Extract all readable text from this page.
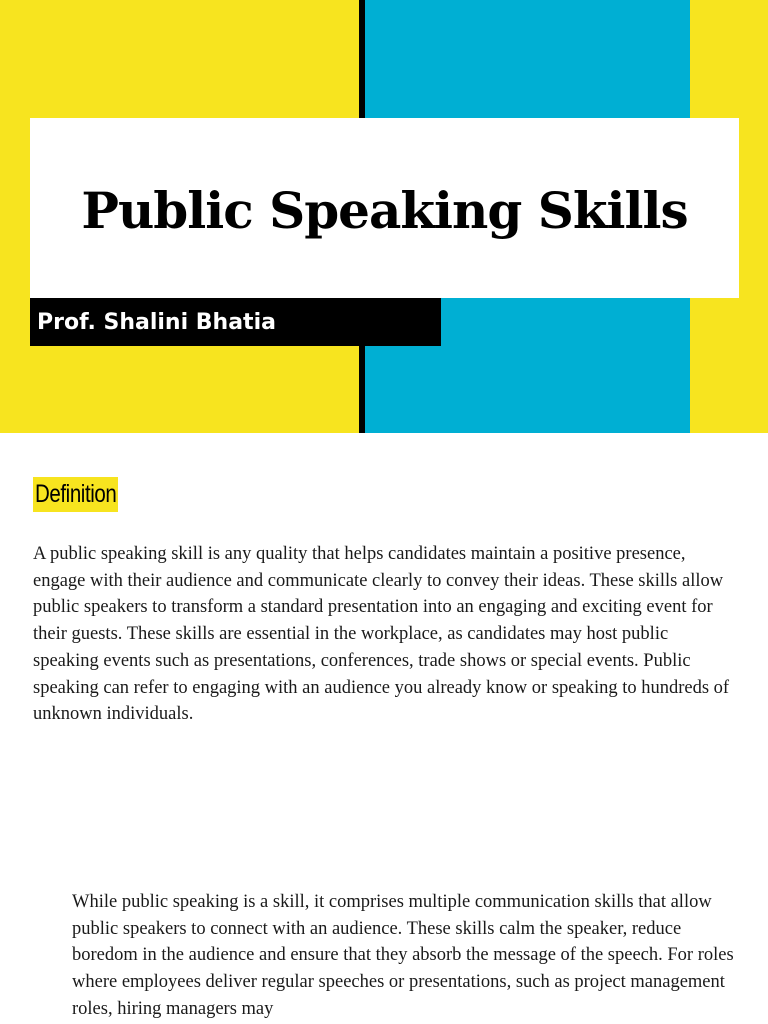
Public Speaking Skills
Prof. Shalini Bhatia
Definition

A public speaking skill is any quality that helps candidates maintain a positive presence, engage with their audience and communicate clearly to convey their ideas. These skills allow public speakers to transform a standard presentation into an engaging and exciting event for their guests. These skills are essential in the workplace, as candidates may host public speaking events such as presentations, conferences, trade shows or special events. Public speaking can refer to engaging with an audience you already know or speaking to hundreds of unknown individuals.

While public speaking is a skill, it comprises multiple communication skills that allow public speakers to connect with an audience. These skills calm the speaker, reduce boredom in the audience and ensure that they absorb the message of the speech. For roles where employees deliver regular speeches or presentations, such as project management roles, hiring managers may
